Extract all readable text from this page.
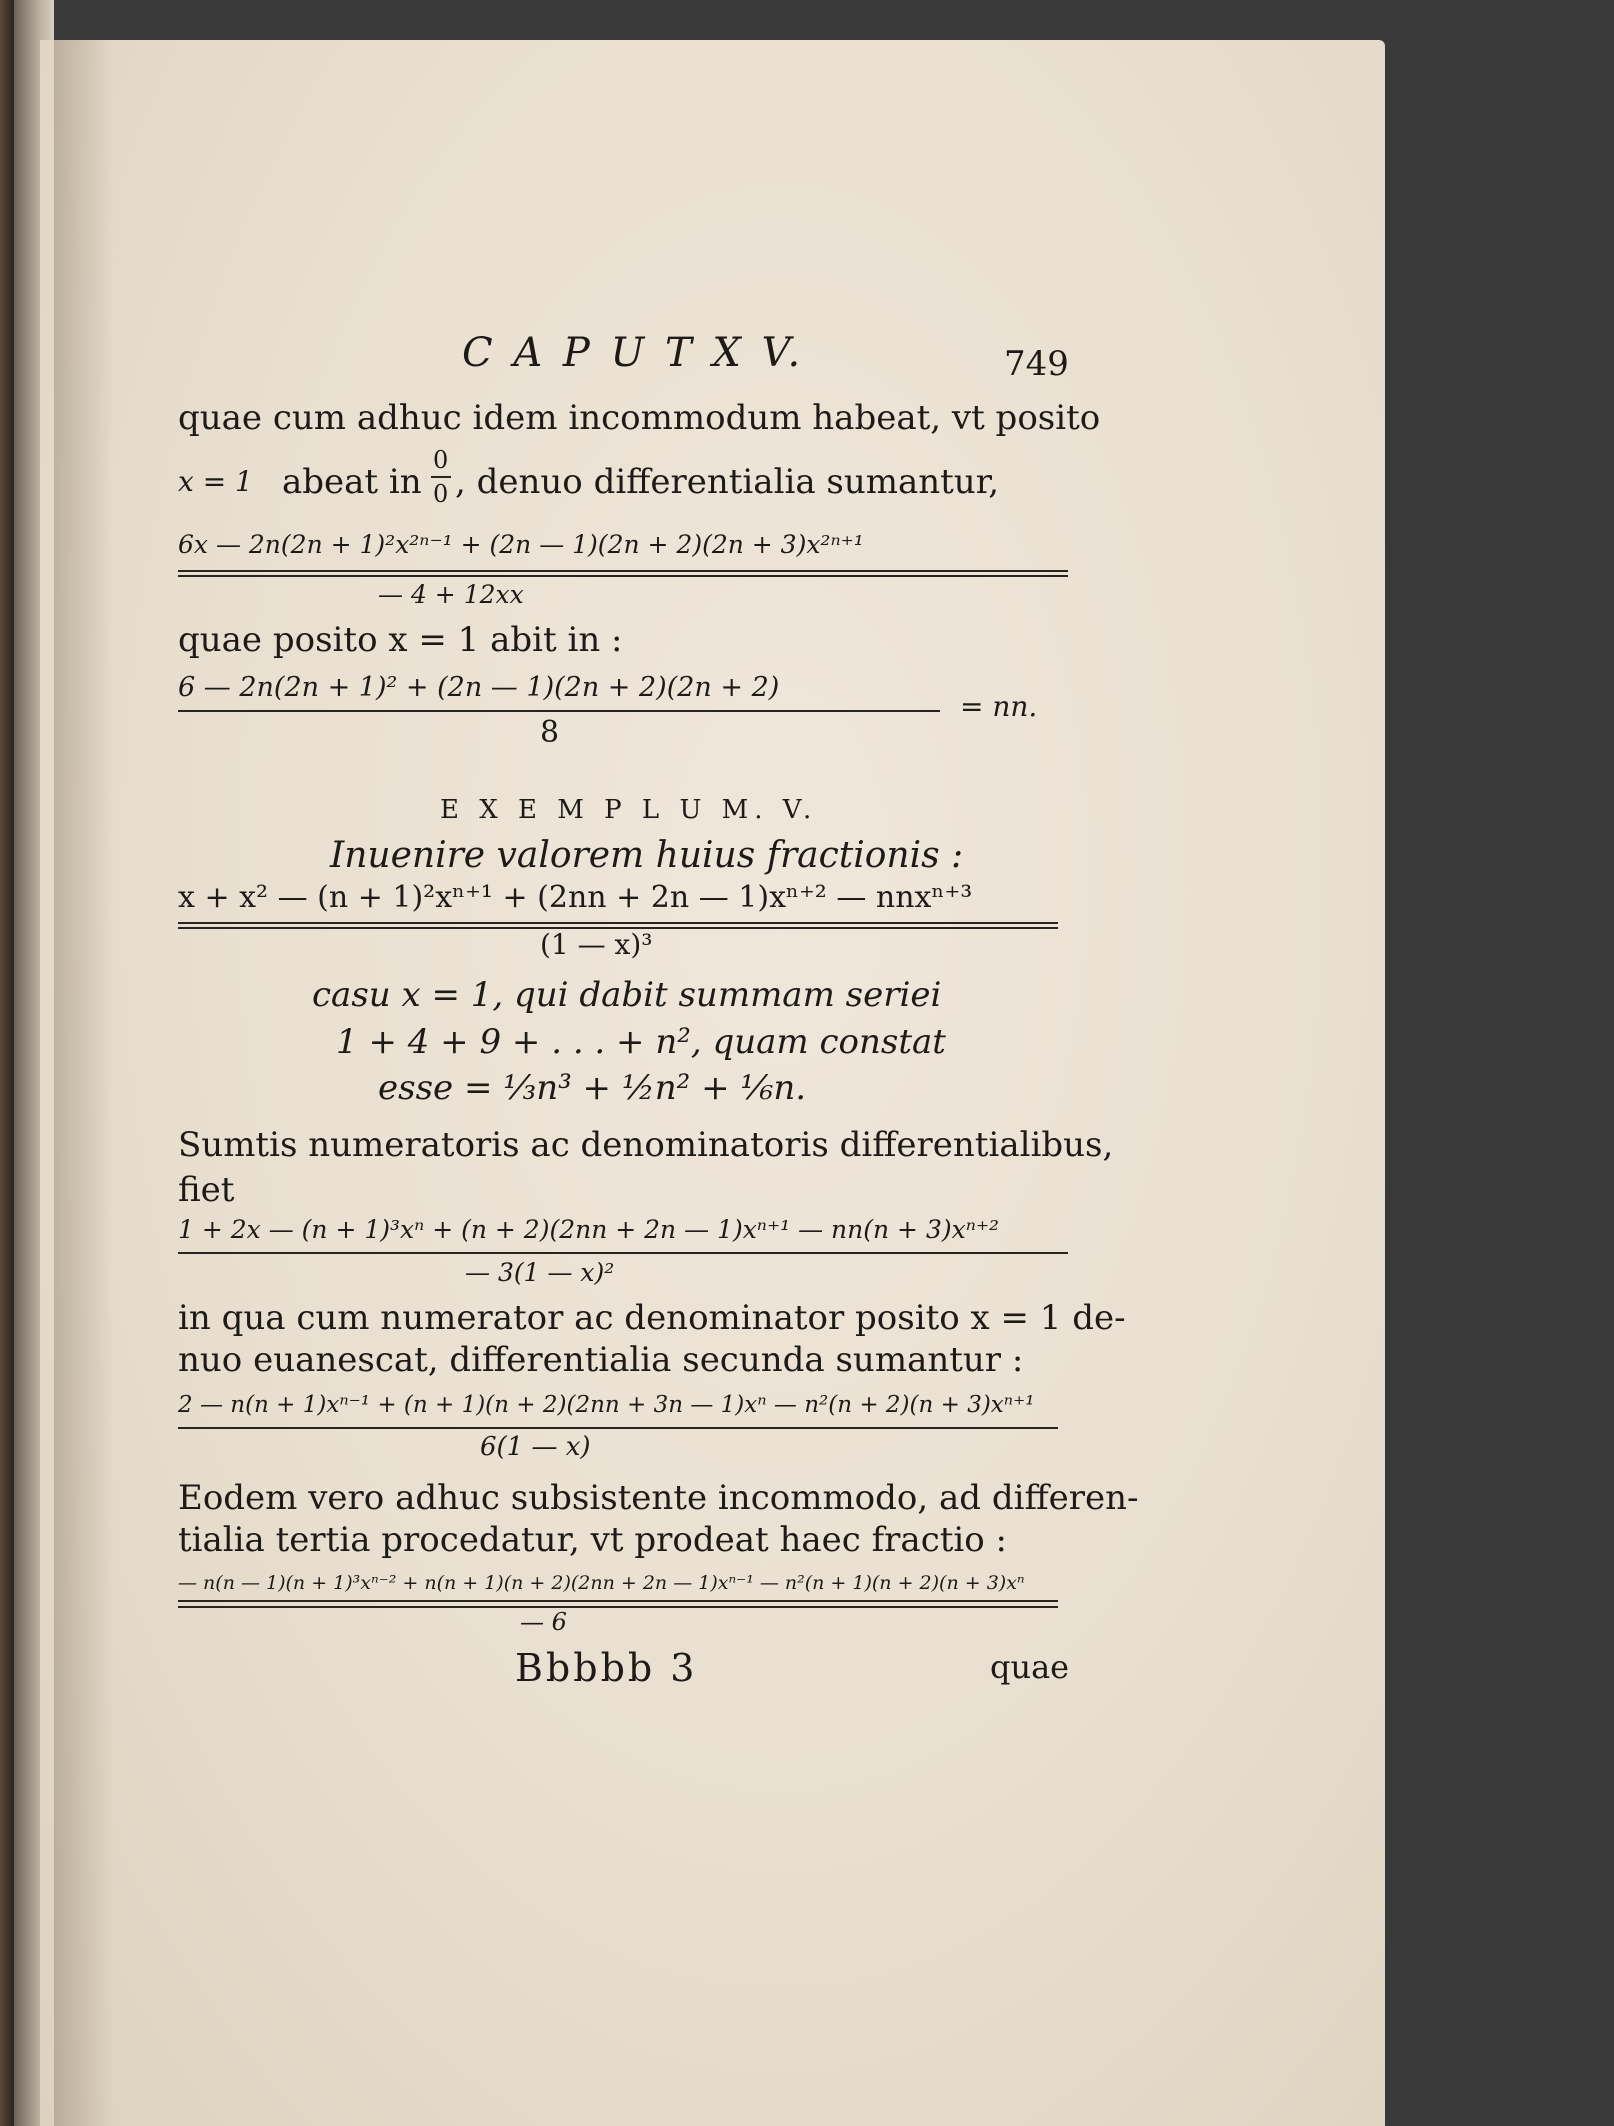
C A P U T X V.	749
quae cum adhuc idem incommodum habeat, vt posito
x = 1 abeat in
0
0 , denuo differentialia sumantur,
6x — 2n(2n + 1)²x²ⁿ⁻¹ + (2n — 1)(2n + 2)(2n + 3)x²ⁿ⁺¹
— 4 + 12xx
quae posito x = 1 abit in :
6 — 2n(2n + 1)² + (2n — 1)(2n + 2)(2n + 2)
8
= nn.
E X E M P L U M. V.
Inuenire valorem huius fractionis :
x + x² — (n + 1)²xⁿ⁺¹ + (2nn + 2n — 1)xⁿ⁺² — nnxⁿ⁺³
(1 — x)³
casu x = 1, qui dabit summam seriei
1 + 4 + 9 + . . . + n², quam constat
esse = ⅓n³ + ½n² + ⅙n.
Sumtis numeratoris ac denominatoris differentialibus,
fiet
1 + 2x — (n + 1)³xⁿ + (n + 2)(2nn + 2n — 1)xⁿ⁺¹ — nn(n + 3)xⁿ⁺²
— 3(1 — x)²
in qua cum numerator ac denominator posito x = 1 de-
nuo euanescat, differentialia secunda sumantur :
2 — n(n + 1)xⁿ⁻¹ + (n + 1)(n + 2)(2nn + 3n — 1)xⁿ — n²(n + 2)(n + 3)xⁿ⁺¹
6(1 — x)
Eodem vero adhuc subsistente incommodo, ad differen-
tialia tertia procedatur, vt prodeat haec fractio :
— n(n — 1)(n + 1)³xⁿ⁻² + n(n + 1)(n + 2)(2nn + 2n — 1)xⁿ⁻¹ — n²(n + 1)(n + 2)(n + 3)xⁿ
— 6
Bbbbb 3	quae
